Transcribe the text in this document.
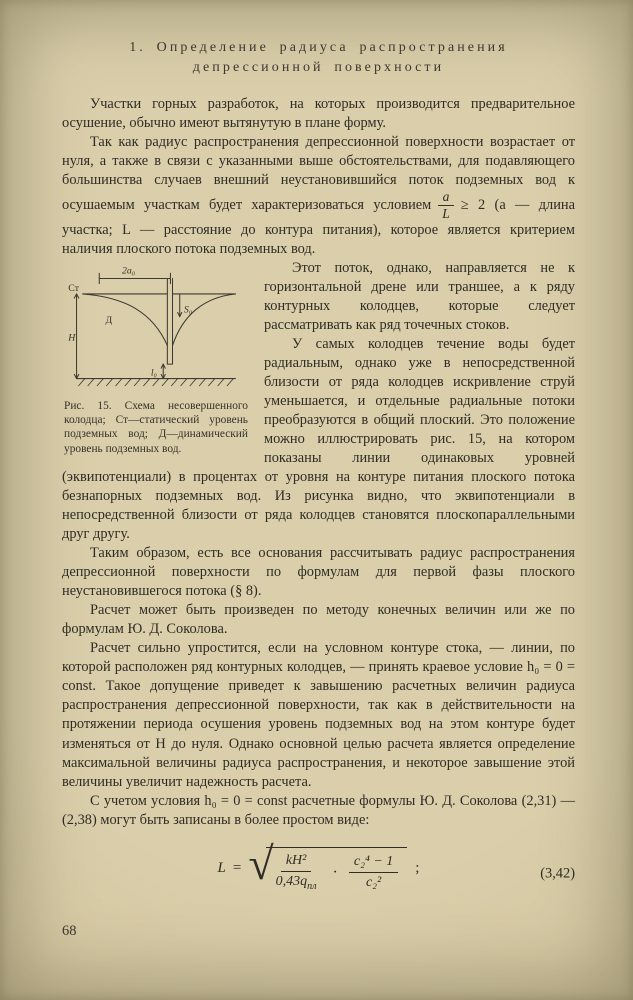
1. Определение радиуса распространения
депрессионной поверхности

Участки горных разработок, на которых производится предварительное осушение, обычно имеют вытянутую в плане форму.

Так как радиус распространения депрессионной поверхности возрастает от нуля, а также в связи с указанными выше обстоятельствами, для подавляющего большинства случаев внешний неустановившийся поток подземных вод к осушаемым участкам будет характеризоваться условием $\frac{a}{L} \ge 2$ (a — длина участка; L — расстояние до контура питания), которое является критерием наличия плоского потока подземных вод.

2a₀
Ст
Д
H
S₀
l₀
Рис. 15. Схема несовершенного колодца; Ст—статический уровень подземных вод; Д—динамический уровень подземных вод.

Этот поток, однако, направляется не к горизонтальной дрене или траншее, а к ряду контурных колодцев, которые следует рассматривать как ряд точечных стоков.

У самых колодцев течение воды будет радиальным, однако уже в непосредственной близости от ряда колодцев искривление струй уменьшается, и отдельные радиальные потоки преобразуются в общий плоский. Это положение можно иллюстрировать рис. 15, на котором показаны линии одинаковых уровней (эквипотенциали) в процентах от уровня на контуре питания плоского потока безнапорных подземных вод. Из рисунка видно, что эквипотенциали в непосредственной близости от ряда колодцев становятся плоскопараллельными друг другу.

Таким образом, есть все основания рассчитывать радиус распространения депрессионной поверхности по формулам для первой фазы плоского неустановившегося потока (§ 8).

Расчет может быть произведен по методу конечных величин или же по формулам Ю. Д. Соколова.

Расчет сильно упростится, если на условном контуре стока, — линии, по которой расположен ряд контурных колодцев, — принять краевое условие h₀ = 0 = const. Такое допущение приведет к завышению расчетных величин радиуса распространения депрессионной поверхности, так как в действительности на протяжении периода осушения уровень подземных вод на этом контуре будет изменяться от H до нуля. Однако основной целью расчета является определение максимальной величины радиуса распространения, и некоторое завышение этой величины увеличит надежность расчета.

С учетом условия h₀ = 0 = const расчетные формулы Ю. Д. Соколова (2,31) — (2,38) могут быть записаны в более простом виде:

L = √
$\frac{\text{kH²}}{0,43q_{пл}} \cdot \frac{\text{c₂⁴ − 1}}{\text{c₂²}}$ ;	(3,42)
68
